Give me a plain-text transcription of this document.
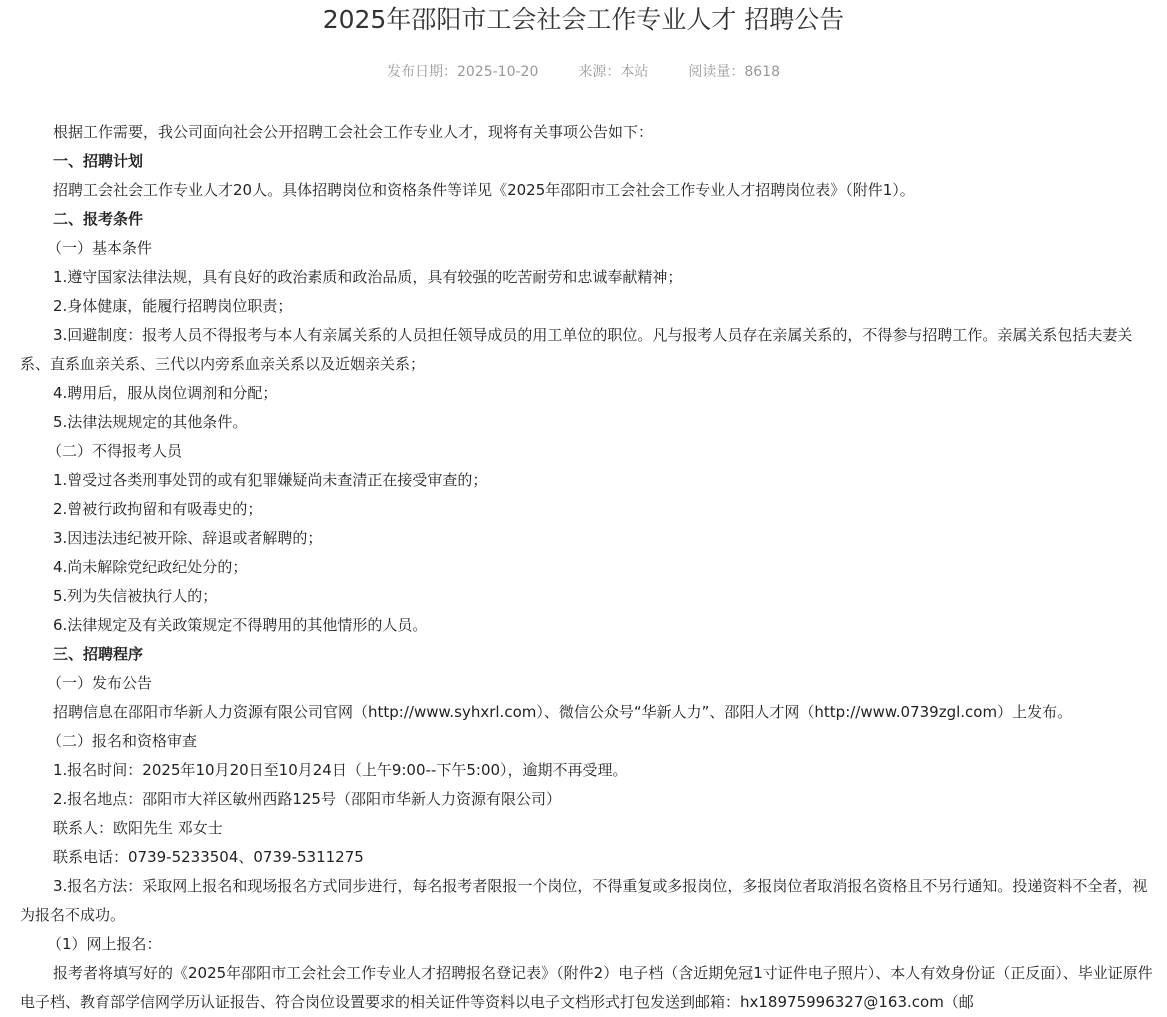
2025年邵阳市工会社会工作专业人才 招聘公告
发布日期：2025-10-20	来源：本站	阅读量：8618

根据工作需要，我公司面向社会公开招聘工会社会工作专业人才，现将有关事项公告如下：

一、招聘计划

招聘工会社会工作专业人才20人。具体招聘岗位和资格条件等详见《2025年邵阳市工会社会工作专业人才招聘岗位表》（附件1）。

二、报考条件

（一）基本条件

1.遵守国家法律法规，具有良好的政治素质和政治品质，具有较强的吃苦耐劳和忠诚奉献精神；

2.身体健康，能履行招聘岗位职责；

3.回避制度：报考人员不得报考与本人有亲属关系的人员担任领导成员的用工单位的职位。凡与报考人员存在亲属关系的，不得参与招聘工作。亲属关系包括夫妻关系、直系血亲关系、三代以内旁系血亲关系以及近姻亲关系；

4.聘用后，服从岗位调剂和分配；

5.法律法规规定的其他条件。

（二）不得报考人员

1.曾受过各类刑事处罚的或有犯罪嫌疑尚未查清正在接受审查的；

2.曾被行政拘留和有吸毒史的；

3.因违法违纪被开除、辞退或者解聘的；

4.尚未解除党纪政纪处分的；

5.列为失信被执行人的；

6.法律规定及有关政策规定不得聘用的其他情形的人员。

三、招聘程序

（一）发布公告

招聘信息在邵阳市华新人力资源有限公司官网（http://www.syhxrl.com）、微信公众号“华新人力”、邵阳人才网（http://www.0739zgl.com）上发布。

（二）报名和资格审查

1.报名时间：2025年10月20日至10月24日（上午9:00--下午5:00），逾期不再受理。

2.报名地点：邵阳市大祥区敏州西路125号（邵阳市华新人力资源有限公司）

联系人：欧阳先生 邓女士

联系电话：0739-5233504、0739-5311275

3.报名方法：采取网上报名和现场报名方式同步进行，每名报考者限报一个岗位，不得重复或多报岗位，多报岗位者取消报名资格且不另行通知。投递资料不全者，视为报名不成功。

（1）网上报名：

报考者将填写好的《2025年邵阳市工会社会工作专业人才招聘报名登记表》（附件2）电子档（含近期免冠1寸证件电子照片）、本人有效身份证（正反面）、毕业证原件电子档、教育部学信网学历认证报告、符合岗位设置要求的相关证件等资料以电子文档形式打包发送到邮箱：hx18975996327@163.com（邮
